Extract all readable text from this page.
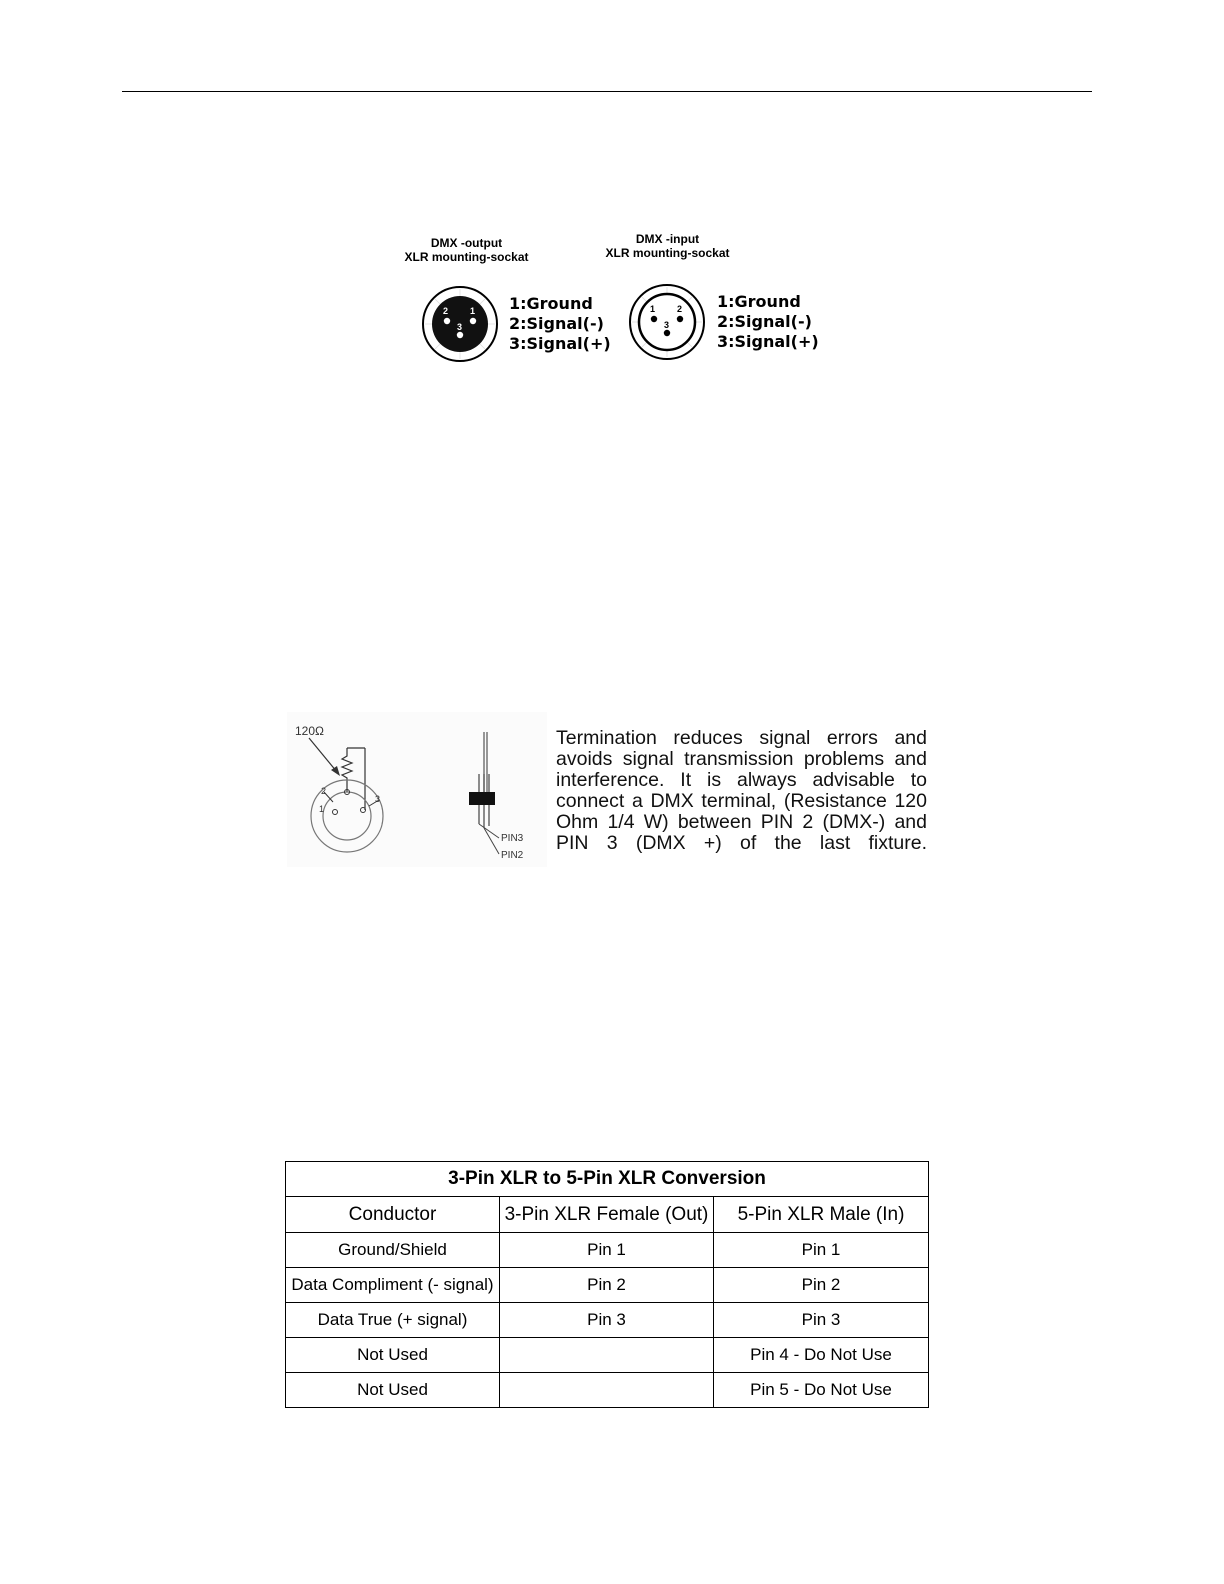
DMX -output
XLR mounting-sockat
DMX -input
XLR mounting-sockat
2 1
3
1:Ground
2:Signal(-)
3:Signal(+)
1 2
3
1:Ground
2:Signal(-)
3:Signal(+)
120Ω
1
2
3
PIN3
PIN2
Termination reduces signal errors and avoids signal transmission problems and interference. It is always advisable to connect a DMX terminal, (Resistance 120 Ohm 1/4 W) between PIN 2 (DMX-) and PIN 3 (DMX +) of the last fixture.
3-Pin XLR to 5-Pin XLR Conversion		
Conductor	3-Pin XLR Female (Out)	5-Pin XLR Male (In)
Ground/Shield	Pin 1	Pin 1
Data Compliment (- signal)	Pin 2	Pin 2
Data True (+ signal)	Pin 3	Pin 3
Not Used		Pin 4 - Do Not Use
Not Used		Pin 5 - Do Not Use
